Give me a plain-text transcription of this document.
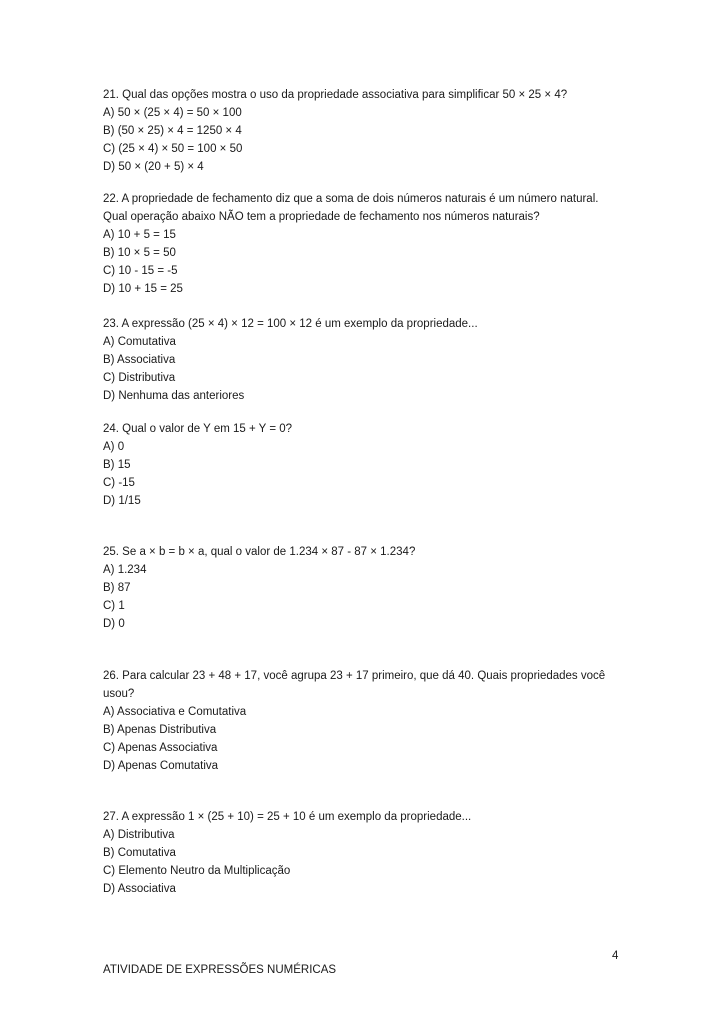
21. Qual das opções mostra o uso da propriedade associativa para simplificar 50 × 25 × 4?
A) 50 × (25 × 4) = 50 × 100
B) (50 × 25) × 4 = 1250 × 4
C) (25 × 4) × 50 = 100 × 50
D) 50 × (20 + 5) × 4
22. A propriedade de fechamento diz que a soma de dois números naturais é um número natural. Qual operação abaixo NÃO tem a propriedade de fechamento nos números naturais?
A) 10 + 5 = 15
B) 10 × 5 = 50
C) 10 - 15 = -5
D) 10 + 15 = 25
23. A expressão (25 × 4) × 12 = 100 × 12 é um exemplo da propriedade...
A) Comutativa
B) Associativa
C) Distributiva
D) Nenhuma das anteriores
24. Qual o valor de Y em 15 + Y = 0?
A) 0
B) 15
C) -15
D) 1/15
25. Se a × b = b × a, qual o valor de 1.234 × 87 - 87 × 1.234?
A) 1.234
B) 87
C) 1
D) 0
26. Para calcular 23 + 48 + 17, você agrupa 23 + 17 primeiro, que dá 40. Quais propriedades você usou?
A) Associativa e Comutativa
B) Apenas Distributiva
C) Apenas Associativa
D) Apenas Comutativa
27. A expressão 1 × (25 + 10) = 25 + 10 é um exemplo da propriedade...
A) Distributiva
B) Comutativa
C) Elemento Neutro da Multiplicação
D) Associativa
4
ATIVIDADE DE EXPRESSÕES NUMÉRICAS
